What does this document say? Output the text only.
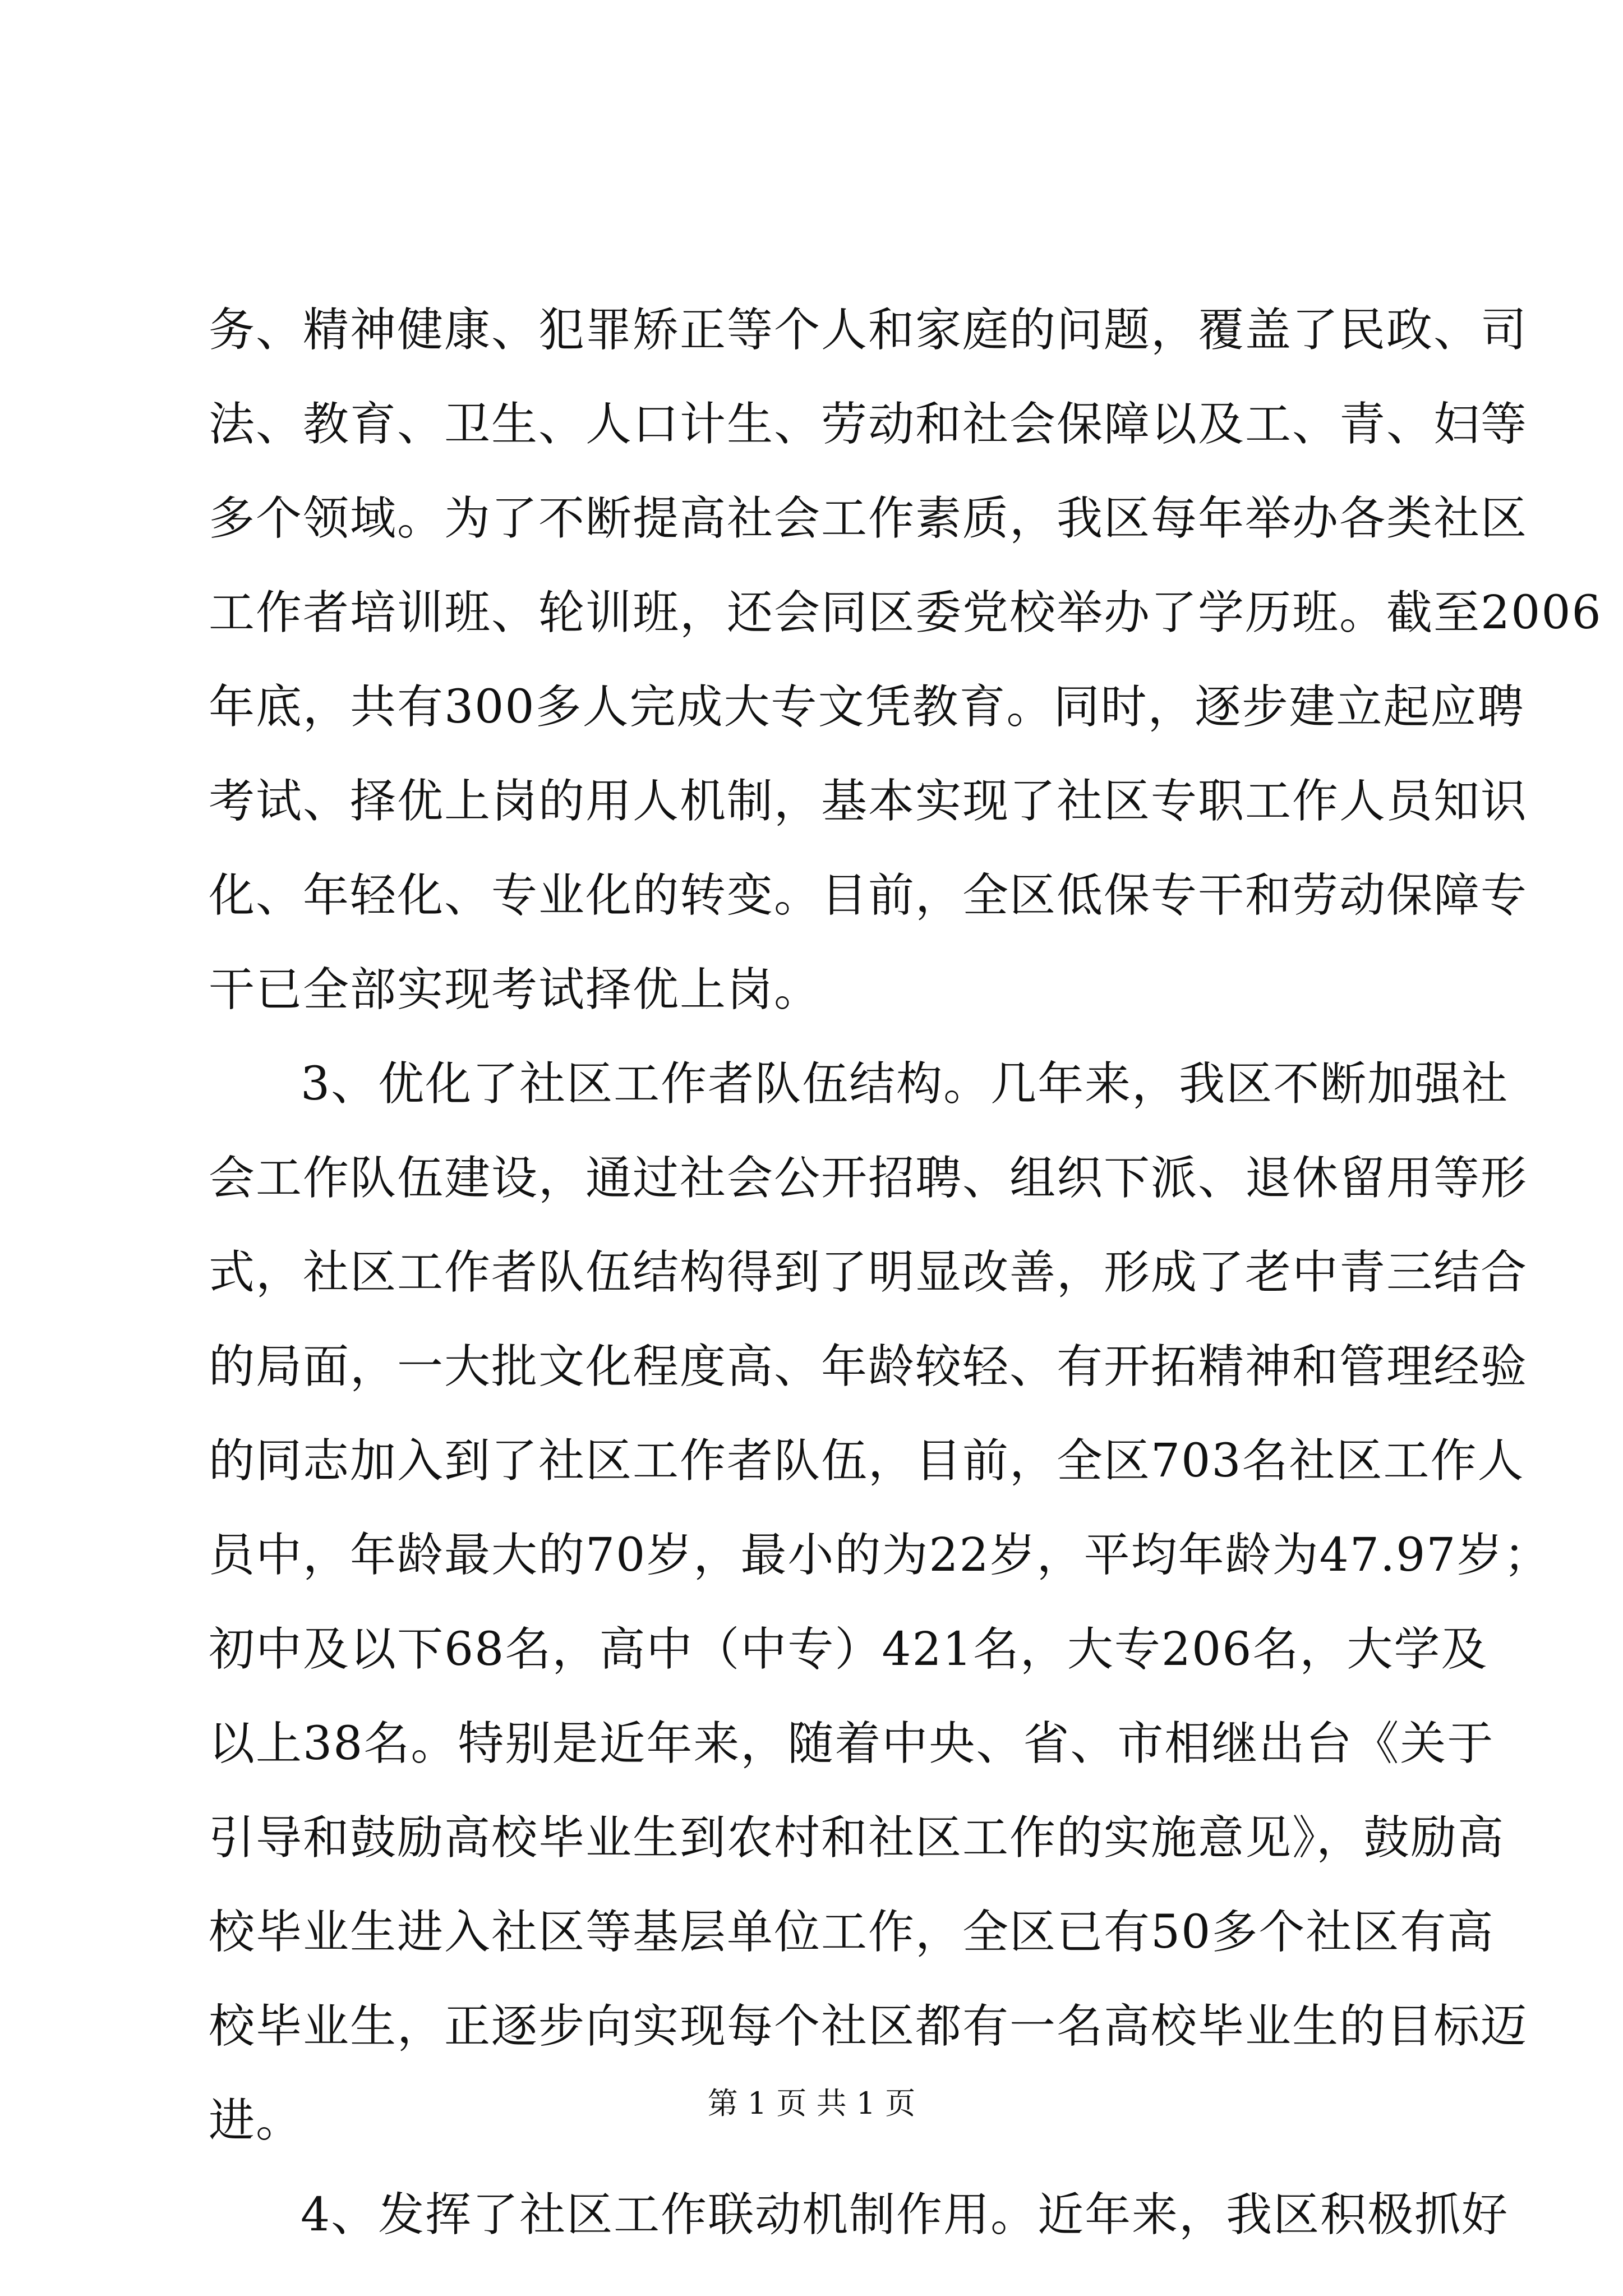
务、精神健康、犯罪矫正等个人和家庭的问题，覆盖了民政、司
法、教育、卫生、人口计生、劳动和社会保障以及工、青、妇等
多个领域。为了不断提高社会工作素质，我区每年举办各类社区
工作者培训班、轮训班，还会同区委党校举办了学历班。截至2006
年底，共有300多人完成大专文凭教育。同时，逐步建立起应聘
考试、择优上岗的用人机制，基本实现了社区专职工作人员知识
化、年轻化、专业化的转变。目前，全区低保专干和劳动保障专
干已全部实现考试择优上岗。
3、优化了社区工作者队伍结构。几年来，我区不断加强社
会工作队伍建设，通过社会公开招聘、组织下派、退休留用等形
式，社区工作者队伍结构得到了明显改善，形成了老中青三结合
的局面，一大批文化程度高、年龄较轻、有开拓精神和管理经验
的同志加入到了社区工作者队伍，目前，全区703名社区工作人
员中，年龄最大的70岁，最小的为22岁，平均年龄为47.97岁；
初中及以下68名，高中（中专）421名，大专206名，大学及
以上38名。特别是近年来，随着中央、省、市相继出台《关于
引导和鼓励高校毕业生到农村和社区工作的实施意见》，鼓励高
校毕业生进入社区等基层单位工作，全区已有50多个社区有高
校毕业生，正逐步向实现每个社区都有一名高校毕业生的目标迈
进。
4、发挥了社区工作联动机制作用。近年来，我区积极抓好
第 1 页 共 1 页
